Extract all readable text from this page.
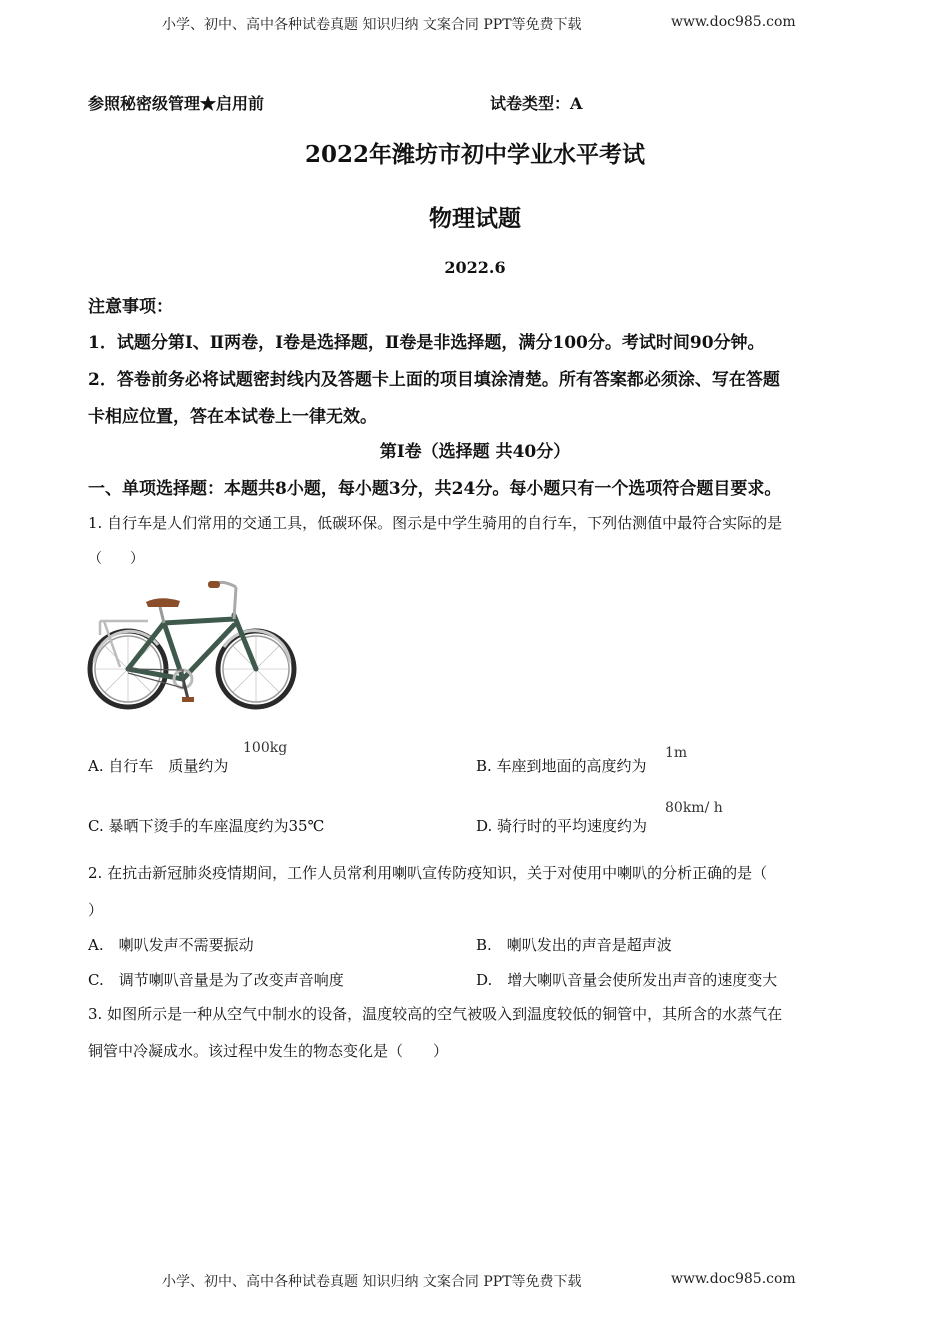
小学、初中、高中各种试卷真题 知识归纳 文案合同 PPT等免费下载	www.doc985.com
参照秘密级管理★启用前	试卷类型：A
2022年潍坊市初中学业水平考试
物理试题
2022.6
注意事项：
1．试题分第Ⅰ、Ⅱ两卷，Ⅰ卷是选择题，Ⅱ卷是非选择题，满分100分。考试时间90分钟。
2．答卷前务必将试题密封线内及答题卡上面的项目填涂清楚。所有答案都必须涂、写在答题
卡相应位置，答在本试卷上一律无效。
第Ⅰ卷（选择题 共40分）
一、单项选择题：本题共8小题，每小题3分，共24分。每小题只有一个选项符合题目要求。
1. 自行车是人们常用的交通工具，低碳环保。图示是中学生骑用的自行车，下列估测值中最符合实际的是
（　　）
A. 自行车　质量约为
100kg
B. 车座到地面的高度约为
1m
C. 暴晒下烫手的车座温度约为35℃	D. 骑行时的平均速度约为
80km/ h
2. 在抗击新冠肺炎疫情期间，工作人员常利用喇叭宣传防疫知识，关于对使用中喇叭的分析正确的是（
）
A.　喇叭发声不需要振动	B.　喇叭发出的声音是超声波
C.　调节喇叭音量是为了改变声音响度	D.　增大喇叭音量会使所发出声音的速度变大
3. 如图所示是一种从空气中制水的设备，温度较高的空气被吸入到温度较低的铜管中，其所含的水蒸气在
铜管中冷凝成水。该过程中发生的物态变化是（　　）
小学、初中、高中各种试卷真题 知识归纳 文案合同 PPT等免费下载	www.doc985.com
